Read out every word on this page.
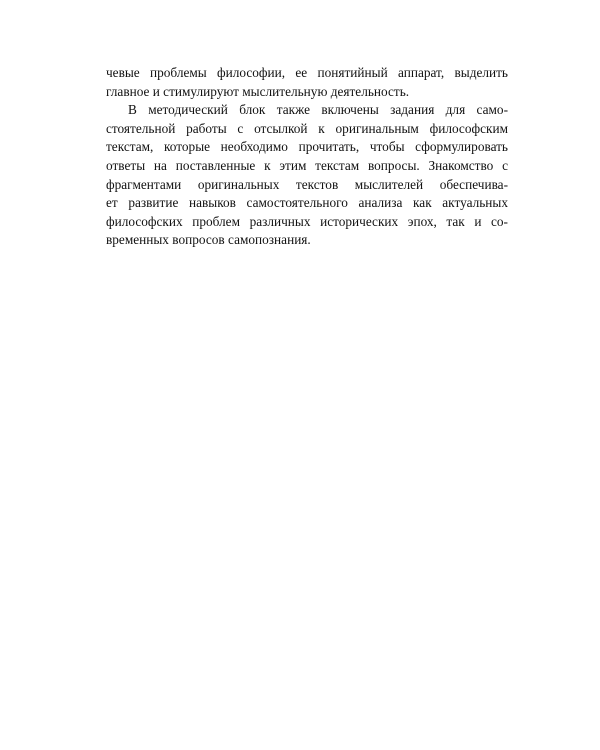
чевые проблемы философии, ее понятийный аппарат, выделить
главное и стимулируют мыслительную деятельность.
В методический блок также включены задания для само-
стоятельной работы с отсылкой к оригинальным философским
текстам, которые необходимо прочитать, чтобы сформулировать
ответы на поставленные к этим текстам вопросы. Знакомство с
фрагментами оригинальных текстов мыслителей обеспечива-
ет развитие навыков самостоятельного анализа как актуальных
философских проблем различных исторических эпох, так и со-
временных вопросов самопознания.
